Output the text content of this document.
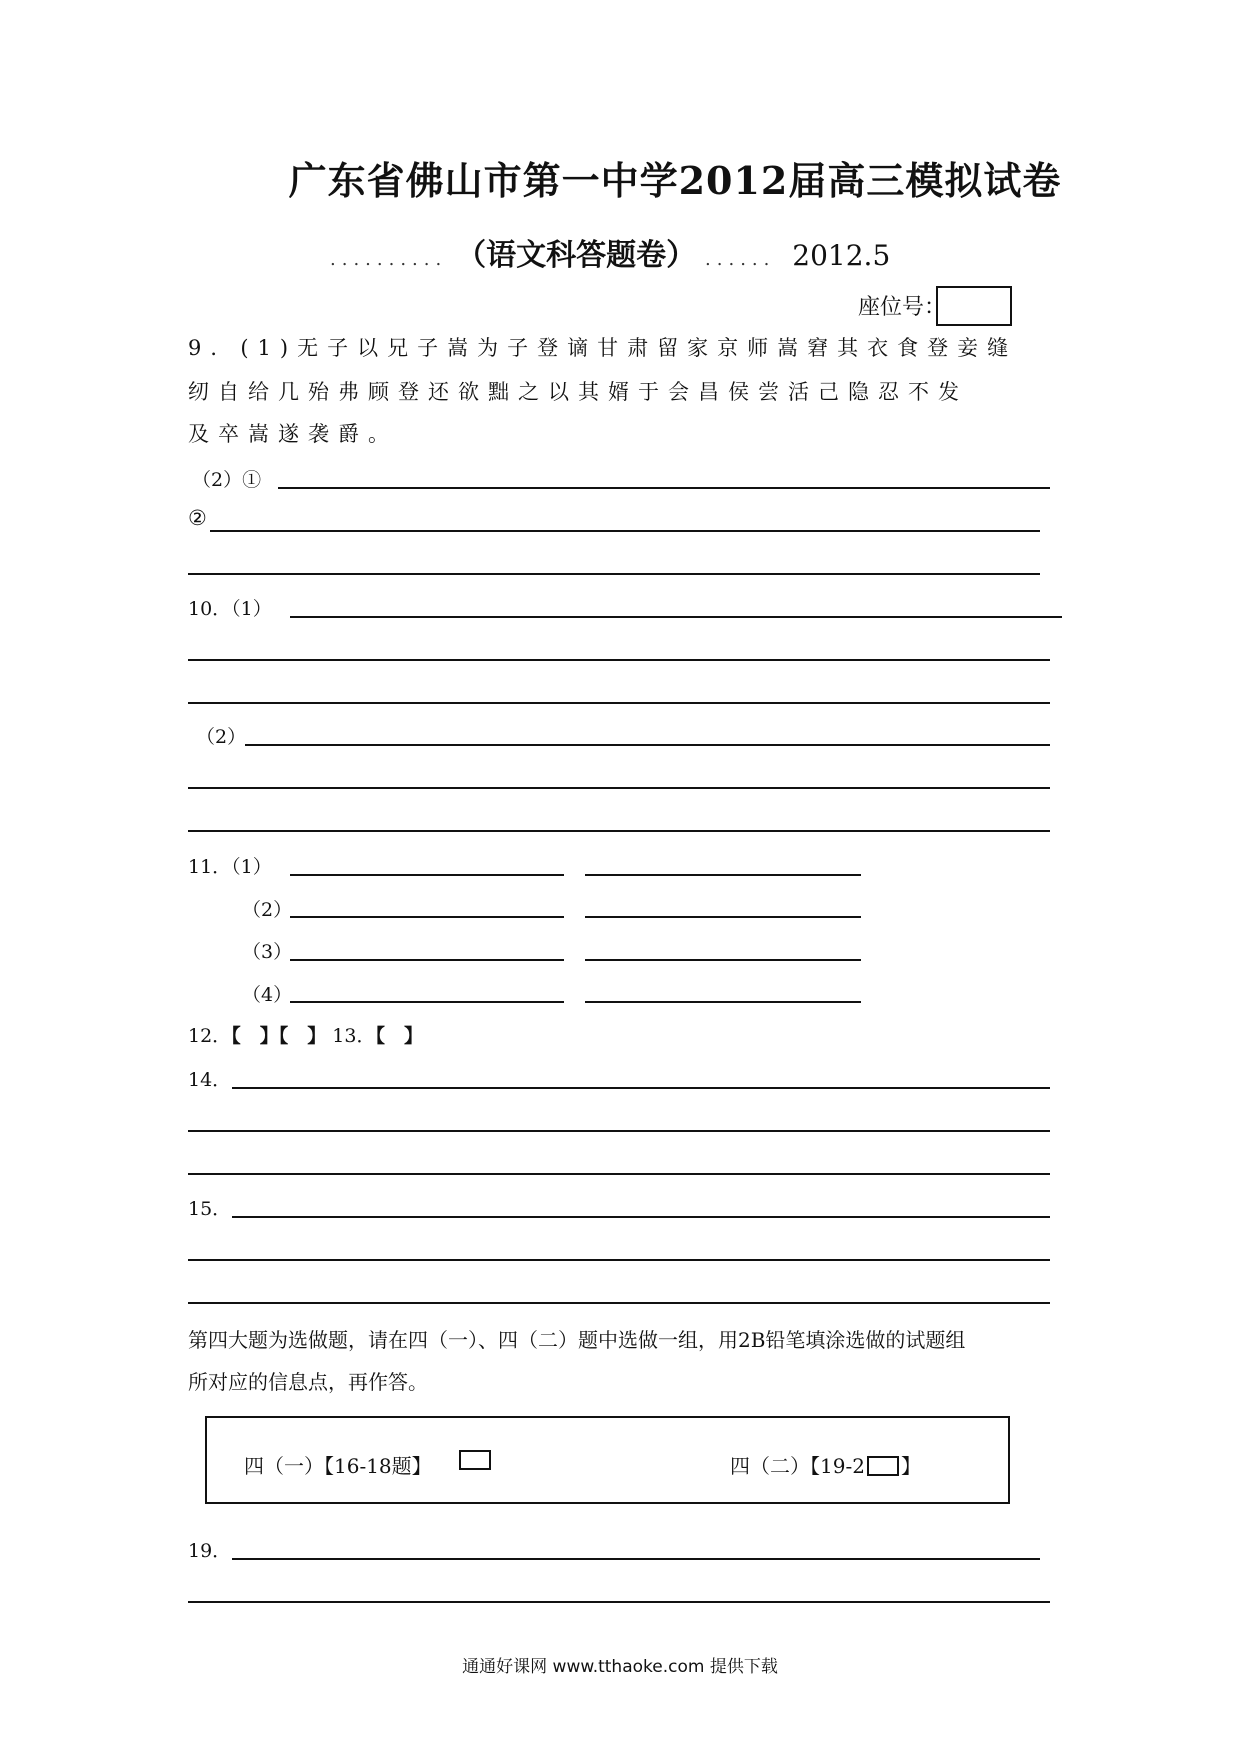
广东省佛山市第一中学2012届高三模拟试卷
.......... （语文科答题卷） ...... 2012.5
座位号：
9．(1)无子以兄子嵩为子登谪甘肃留家京师嵩窘其衣食登妾缝
纫自给几殆弗顾登还欲黜之以其婿于会昌侯尝活己隐忍不发
及卒嵩遂袭爵。
（2）①
②
10．（1）
（2）
11．（1）
（2）
（3）
（4）
12．【　】【　】 13．【　】
14．
15．
第四大题为选做题，请在四（一）、四（二）题中选做一组，用2B铅笔填涂选做的试题组
所对应的信息点，再作答。
四（一）【16-18题】	四（二）【19-2 】
19．
通通好课网 www.tthaoke.com 提供下载
